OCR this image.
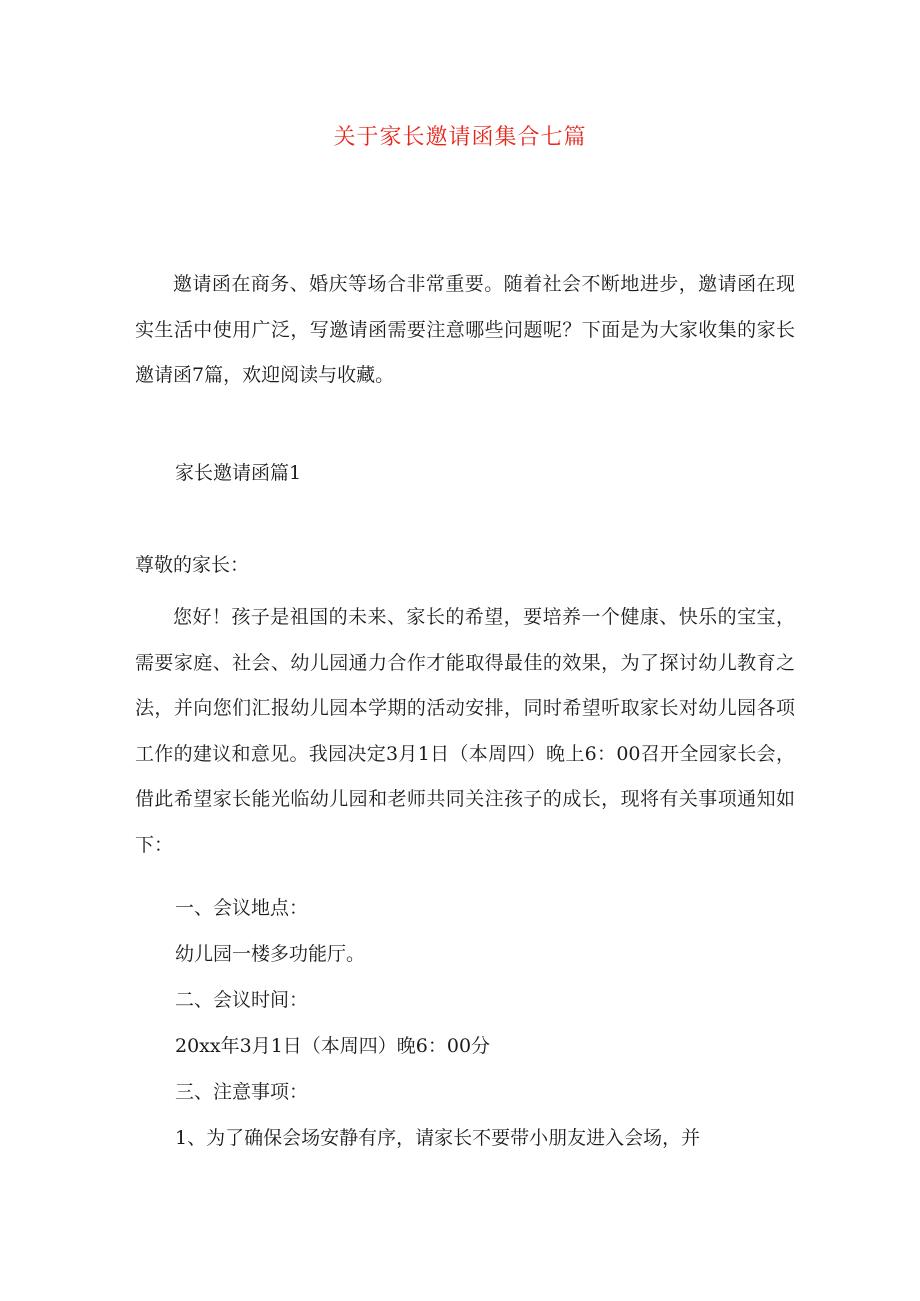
关于家长邀请函集合七篇

邀请函在商务、婚庆等场合非常重要。随着社会不断地进步，邀请函在现实生活中使用广泛，写邀请函需要注意哪些问题呢？下面是为大家收集的家长邀请函7篇，欢迎阅读与收藏。

家长邀请函篇1

尊敬的家长：

您好！孩子是祖国的未来、家长的希望，要培养一个健康、快乐的宝宝，需要家庭、社会、幼儿园通力合作才能取得最佳的效果，为了探讨幼儿教育之法，并向您们汇报幼儿园本学期的活动安排，同时希望听取家长对幼儿园各项工作的建议和意见。我园决定3月1日（本周四）晚上6：00召开全园家长会，借此希望家长能光临幼儿园和老师共同关注孩子的成长，现将有关事项通知如下：

一、会议地点：

幼儿园一楼多功能厅。

二、会议时间：

20xx年3月1日（本周四）晚6：00分

三、注意事项：

1、为了确保会场安静有序，请家长不要带小朋友进入会场，并
